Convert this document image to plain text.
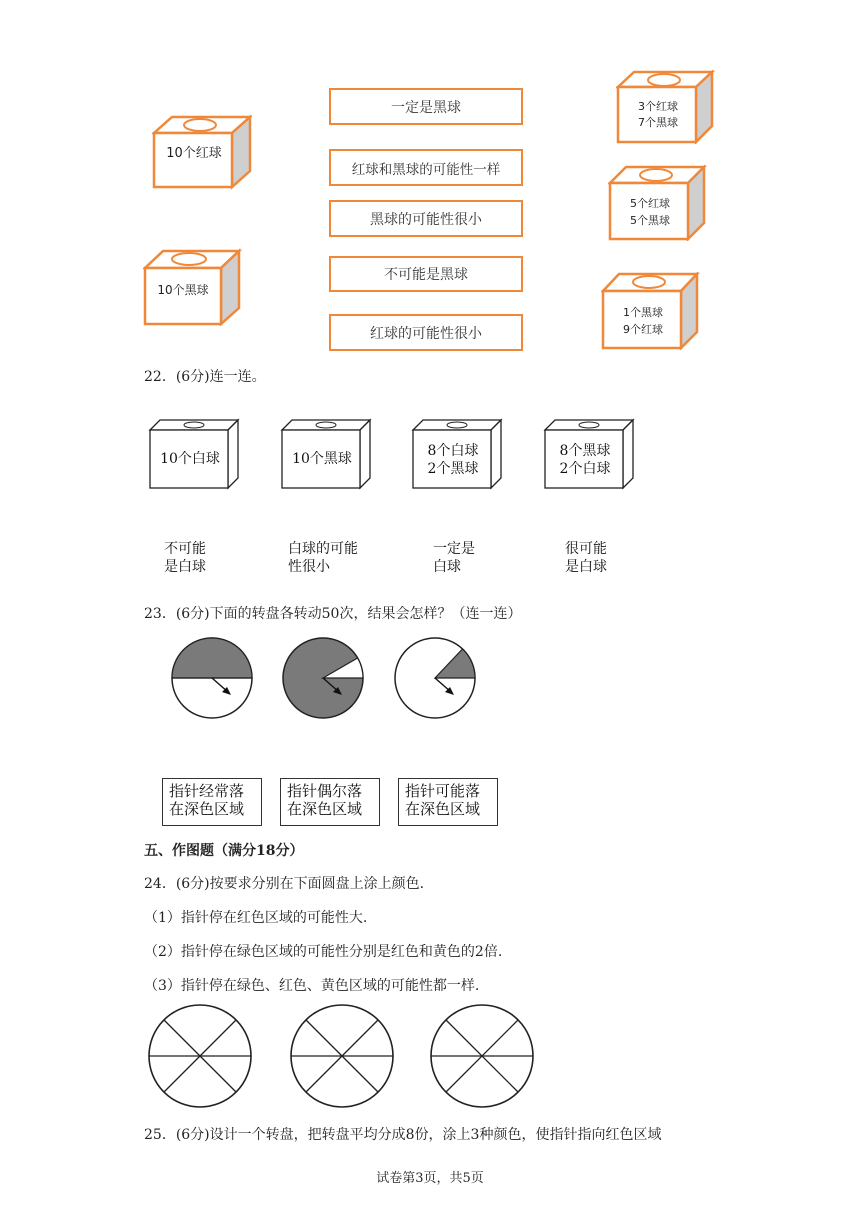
10个红球
10个黑球
一定是黑球
红球和黑球的可能性一样
黑球的可能性很小
不可能是黑球
红球的可能性很小
3个红球
7个黑球
5个红球
5个黑球
1个黑球
9个红球
22．(6分)连一连。
10个白球	10个黑球	8个白球
2个黑球
8个黑球
2个白球
不可能
是白球
白球的可能
性很小
一定是
白球
很可能
是白球
23．(6分)下面的转盘各转动50次，结果会怎样？（连一连）
指针经常落
在深色区域
指针偶尔落
在深色区域
指针可能落
在深色区域
五、作图题（满分18分）
24．(6分)按要求分别在下面圆盘上涂上颜色.
（1）指针停在红色区域的可能性大.
（2）指针停在绿色区域的可能性分别是红色和黄色的2倍.
（3）指针停在绿色、红色、黄色区域的可能性都一样.
25．(6分)设计一个转盘，把转盘平均分成8份，涂上3种颜色，使指针指向红色区域
试卷第3页，共5页
